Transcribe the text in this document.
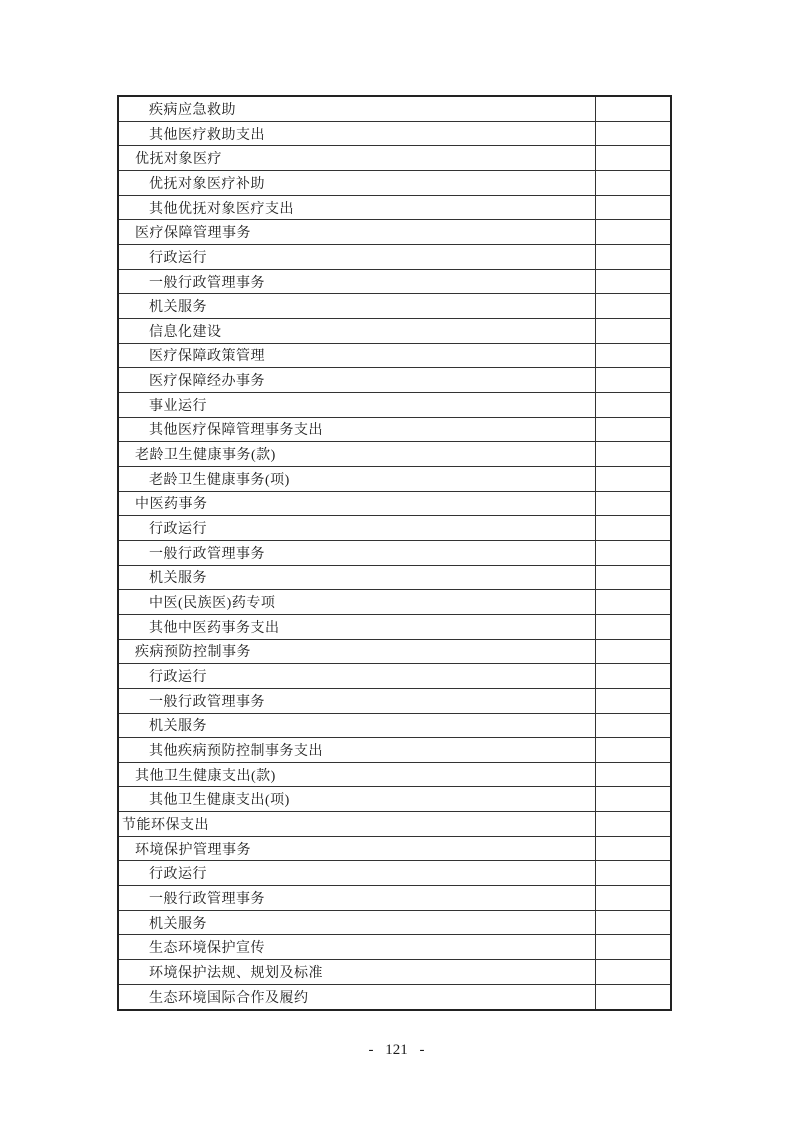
疾病应急救助	
其他医疗救助支出	
优抚对象医疗	
优抚对象医疗补助	
其他优抚对象医疗支出	
医疗保障管理事务	
行政运行	
一般行政管理事务	
机关服务	
信息化建设	
医疗保障政策管理	
医疗保障经办事务	
事业运行	
其他医疗保障管理事务支出	
老龄卫生健康事务(款)	
老龄卫生健康事务(项)	
中医药事务	
行政运行	
一般行政管理事务	
机关服务	
中医(民族医)药专项	
其他中医药事务支出	
疾病预防控制事务	
行政运行	
一般行政管理事务	
机关服务	
其他疾病预防控制事务支出	
其他卫生健康支出(款)	
其他卫生健康支出(项)	
节能环保支出	
环境保护管理事务	
行政运行	
一般行政管理事务	
机关服务	
生态环境保护宣传	
环境保护法规、规划及标准	
生态环境国际合作及履约	
- 121 -
